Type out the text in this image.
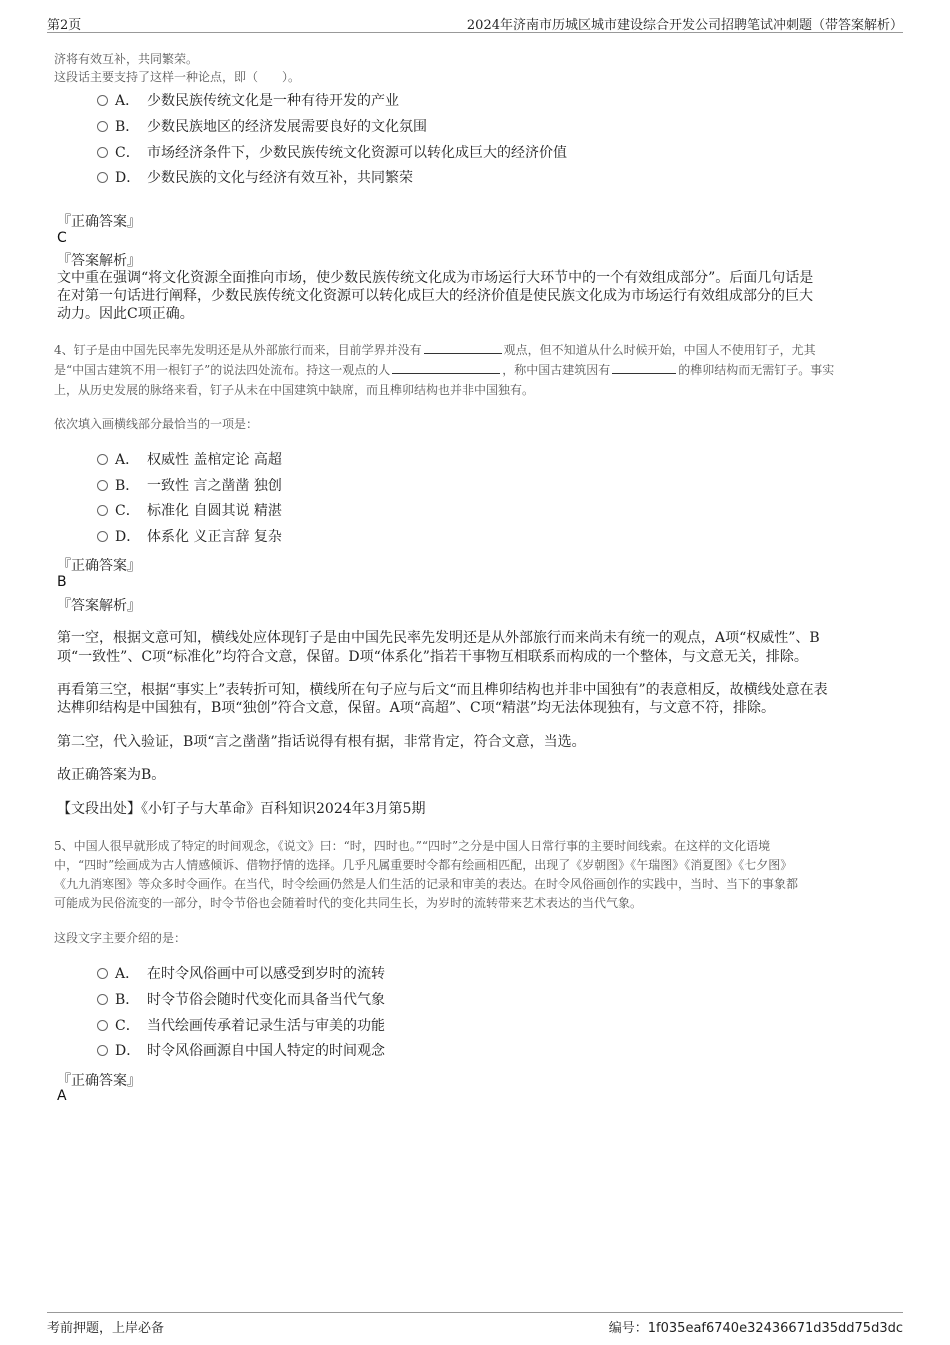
第2页	2024年济南市历城区城市建设综合开发公司招聘笔试冲刺题（带答案解析）
济将有效互补，共同繁荣。
这段话主要支持了这样一种论点，即（　　）。
A． 少数民族传统文化是一种有待开发的产业
B． 少数民族地区的经济发展需要良好的文化氛围
C． 市场经济条件下，少数民族传统文化资源可以转化成巨大的经济价值
D． 少数民族的文化与经济有效互补，共同繁荣
『正确答案』
C
『答案解析』
文中重在强调“将文化资源全面推向市场，使少数民族传统文化成为市场运行大环节中的一个有效组成部分”。后面几句话是
在对第一句话进行阐释，少数民族传统文化资源可以转化成巨大的经济价值是使民族文化成为市场运行有效组成部分的巨大
动力。因此C项正确。
4、钉子是由中国先民率先发明还是从外部旅行而来，目前学界并没有	观点，但不知道从什么时候开始，中国人不使用钉子，尤其
是“中国古建筑不用一根钉子”的说法四处流布。持这一观点的人	，称中国古建筑因有	的榫卯结构而无需钉子。事实
上，从历史发展的脉络来看，钉子从未在中国建筑中缺席，而且榫卯结构也并非中国独有。
依次填入画横线部分最恰当的一项是：
A． 权威性 盖棺定论 高超
B． 一致性 言之凿凿 独创
C． 标准化 自圆其说 精湛
D． 体系化 义正言辞 复杂
『正确答案』
B
『答案解析』
第一空，根据文意可知，横线处应体现钉子是由中国先民率先发明还是从外部旅行而来尚未有统一的观点，A项“权威性”、B
项“一致性”、C项“标准化”均符合文意，保留。D项“体系化”指若干事物互相联系而构成的一个整体，与文意无关，排除。
再看第三空，根据“事实上”表转折可知，横线所在句子应与后文“而且榫卯结构也并非中国独有”的表意相反，故横线处意在表
达榫卯结构是中国独有，B项“独创”符合文意，保留。A项“高超”、C项“精湛”均无法体现独有，与文意不符，排除。
第二空，代入验证，B项“言之凿凿”指话说得有根有据，非常肯定，符合文意，当选。
故正确答案为B。
【文段出处】《小钉子与大革命》百科知识2024年3月第5期
5、中国人很早就形成了特定的时间观念，《说文》曰：“时，四时也。”“四时”之分是中国人日常行事的主要时间线索。在这样的文化语境
中，“四时”绘画成为古人情感倾诉、借物抒情的选择。几乎凡属重要时令都有绘画相匹配，出现了《岁朝图》《午瑞图》《消夏图》《七夕图》
《九九消寒图》等众多时令画作。在当代，时令绘画仍然是人们生活的记录和审美的表达。在时令风俗画创作的实践中，当时、当下的事象都
可能成为民俗流变的一部分，时令节俗也会随着时代的变化共同生长，为岁时的流转带来艺术表达的当代气象。
这段文字主要介绍的是：
A． 在时令风俗画中可以感受到岁时的流转
B． 时令节俗会随时代变化而具备当代气象
C． 当代绘画传承着记录生活与审美的功能
D． 时令风俗画源自中国人特定的时间观念
『正确答案』
A
考前押题，上岸必备	编号：1f035eaf6740e32436671d35dd75d3dc
